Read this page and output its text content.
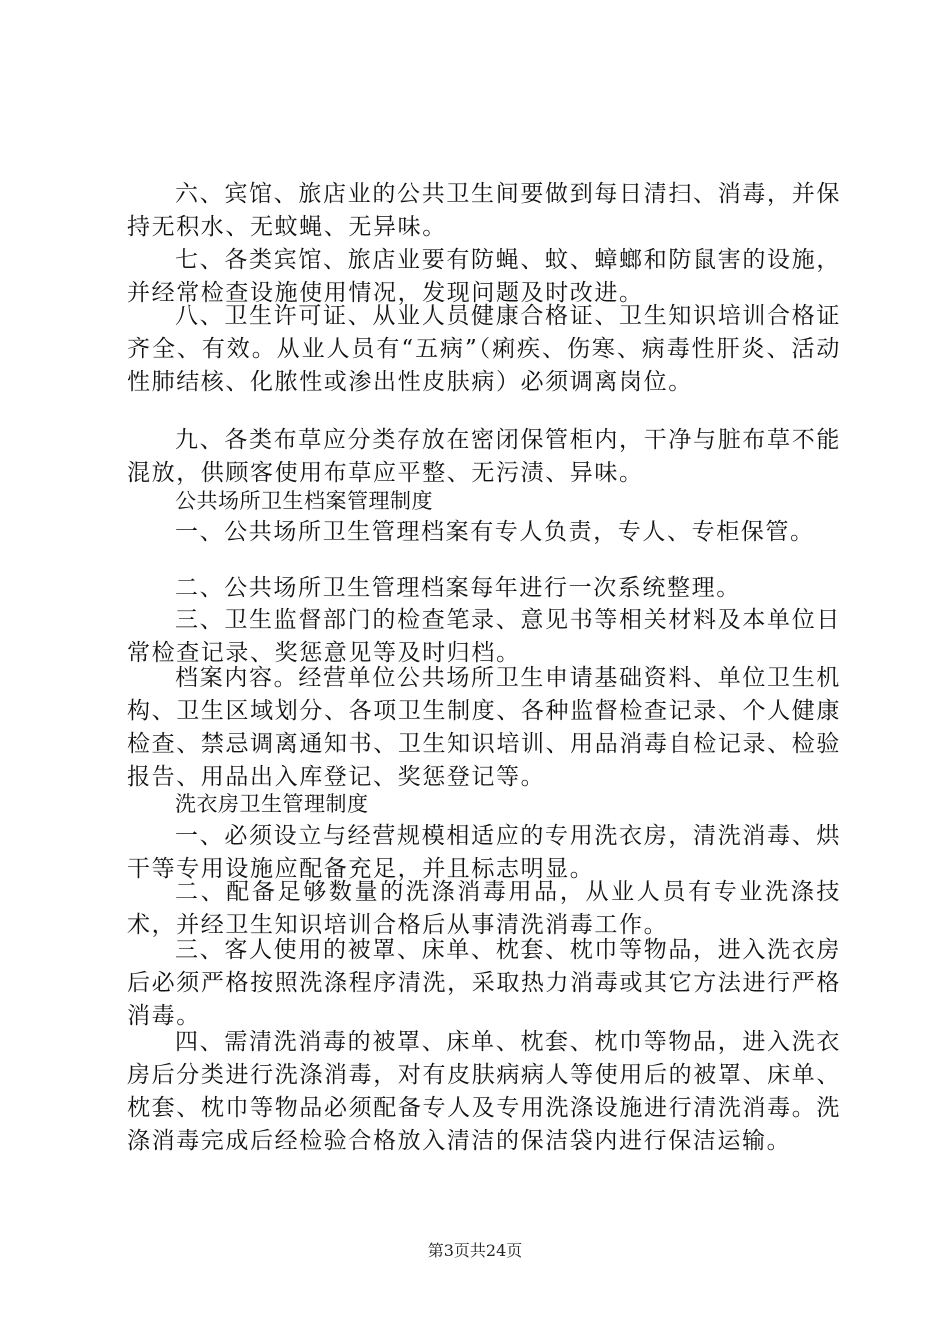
六、宾馆、旅店业的公共卫生间要做到每日清扫、消毒，并保持无积水、无蚊蝇、无异味。

七、各类宾馆、旅店业要有防蝇、蚊、蟑螂和防鼠害的设施，并经常检查设施使用情况，发现问题及时改进。

八、卫生许可证、从业人员健康合格证、卫生知识培训合格证齐全、有效。从业人员有“五病”（痢疾、伤寒、病毒性肝炎、活动性肺结核、化脓性或渗出性皮肤病）必须调离岗位。

九、各类布草应分类存放在密闭保管柜内，干净与脏布草不能混放，供顾客使用布草应平整、无污渍、异味。

公共场所卫生档案管理制度

一、公共场所卫生管理档案有专人负责，专人、专柜保管。

二、公共场所卫生管理档案每年进行一次系统整理。

三、卫生监督部门的检查笔录、意见书等相关材料及本单位日常检查记录、奖惩意见等及时归档。

档案内容。经营单位公共场所卫生申请基础资料、单位卫生机构、卫生区域划分、各项卫生制度、各种监督检查记录、个人健康检查、禁忌调离通知书、卫生知识培训、用品消毒自检记录、检验报告、用品出入库登记、奖惩登记等。

洗衣房卫生管理制度

一、必须设立与经营规模相适应的专用洗衣房，清洗消毒、烘干等专用设施应配备充足，并且标志明显。

二、配备足够数量的洗涤消毒用品，从业人员有专业洗涤技术，并经卫生知识培训合格后从事清洗消毒工作。

三、客人使用的被罩、床单、枕套、枕巾等物品，进入洗衣房后必须严格按照洗涤程序清洗，采取热力消毒或其它方法进行严格消毒。

四、需清洗消毒的被罩、床单、枕套、枕巾等物品，进入洗衣房后分类进行洗涤消毒，对有皮肤病病人等使用后的被罩、床单、枕套、枕巾等物品必须配备专人及专用洗涤设施进行清洗消毒。洗涤消毒完成后经检验合格放入清洁的保洁袋内进行保洁运输。

第3页共24页
